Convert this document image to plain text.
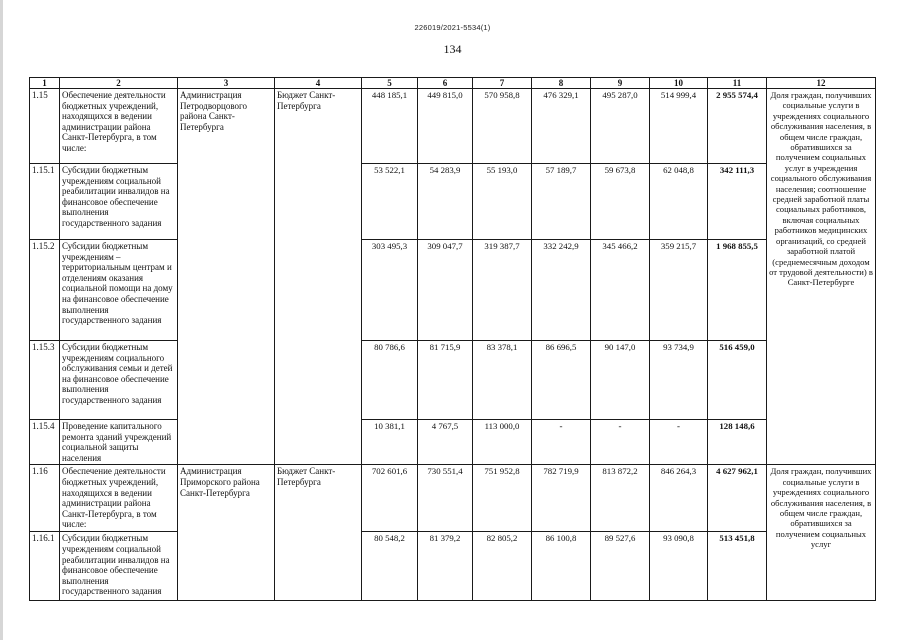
226019/2021-5534(1)
134
1	2	3	4	5	6	7	8	9	10	11	12
1.15	Обеспечение деятельности бюджетных учреждений, находящихся в ведении администрации района Санкт-Петербурга, в том числе:	Администрация Петродворцового района Санкт-Петербурга	Бюджет Санкт-Петербурга	448 185,1	449 815,0	570 958,8	476 329,1	495 287,0	514 999,4	2 955 574,4	Доля граждан, получивших социальные услуги в учреждениях социального обслуживания населения, в общем числе граждан, обратившихся за получением социальных услуг в учреждения социального обслуживания населения; соотношение средней заработной платы социальных работников, включая социальных работников медицинских организаций, со средней заработной платой (среднемесячным доходом от трудовой деятельности) в Санкт-Петербурге
1.15.1	Субсидии бюджетным учреждениям социальной реабилитации инвалидов на финансовое обеспечение выполнения государственного задания			53 522,1	54 283,9	55 193,0	57 189,7	59 673,8	62 048,8	342 111,3	
1.15.2	Субсидии бюджетным учреждениям – территориальным центрам и отделениям оказания социальной помощи на дому на финансовое обеспечение выполнения государственного задания			303 495,3	309 047,7	319 387,7	332 242,9	345 466,2	359 215,7	1 968 855,5	
1.15.3	Субсидии бюджетным учреждениям социального обслуживания семьи и детей на финансовое обеспечение выполнения государственного задания			80 786,6	81 715,9	83 378,1	86 696,5	90 147,0	93 734,9	516 459,0	
1.15.4	Проведение капитального ремонта зданий учреждений социальной защиты населения			10 381,1	4 767,5	113 000,0	-	-	-	128 148,6	
1.16	Обеспечение деятельности бюджетных учреждений, находящихся в ведении администрации района Санкт-Петербурга, в том числе:	Администрация Приморского района Санкт-Петербурга	Бюджет Санкт-Петербурга	702 601,6	730 551,4	751 952,8	782 719,9	813 872,2	846 264,3	4 627 962,1	Доля граждан, получивших социальные услуги в учреждениях социального обслуживания населения, в общем числе граждан, обратившихся за получением социальных услуг
1.16.1	Субсидии бюджетным учреждениям социальной реабилитации инвалидов на финансовое обеспечение выполнения государственного задания			80 548,2	81 379,2	82 805,2	86 100,8	89 527,6	93 090,8	513 451,8	
